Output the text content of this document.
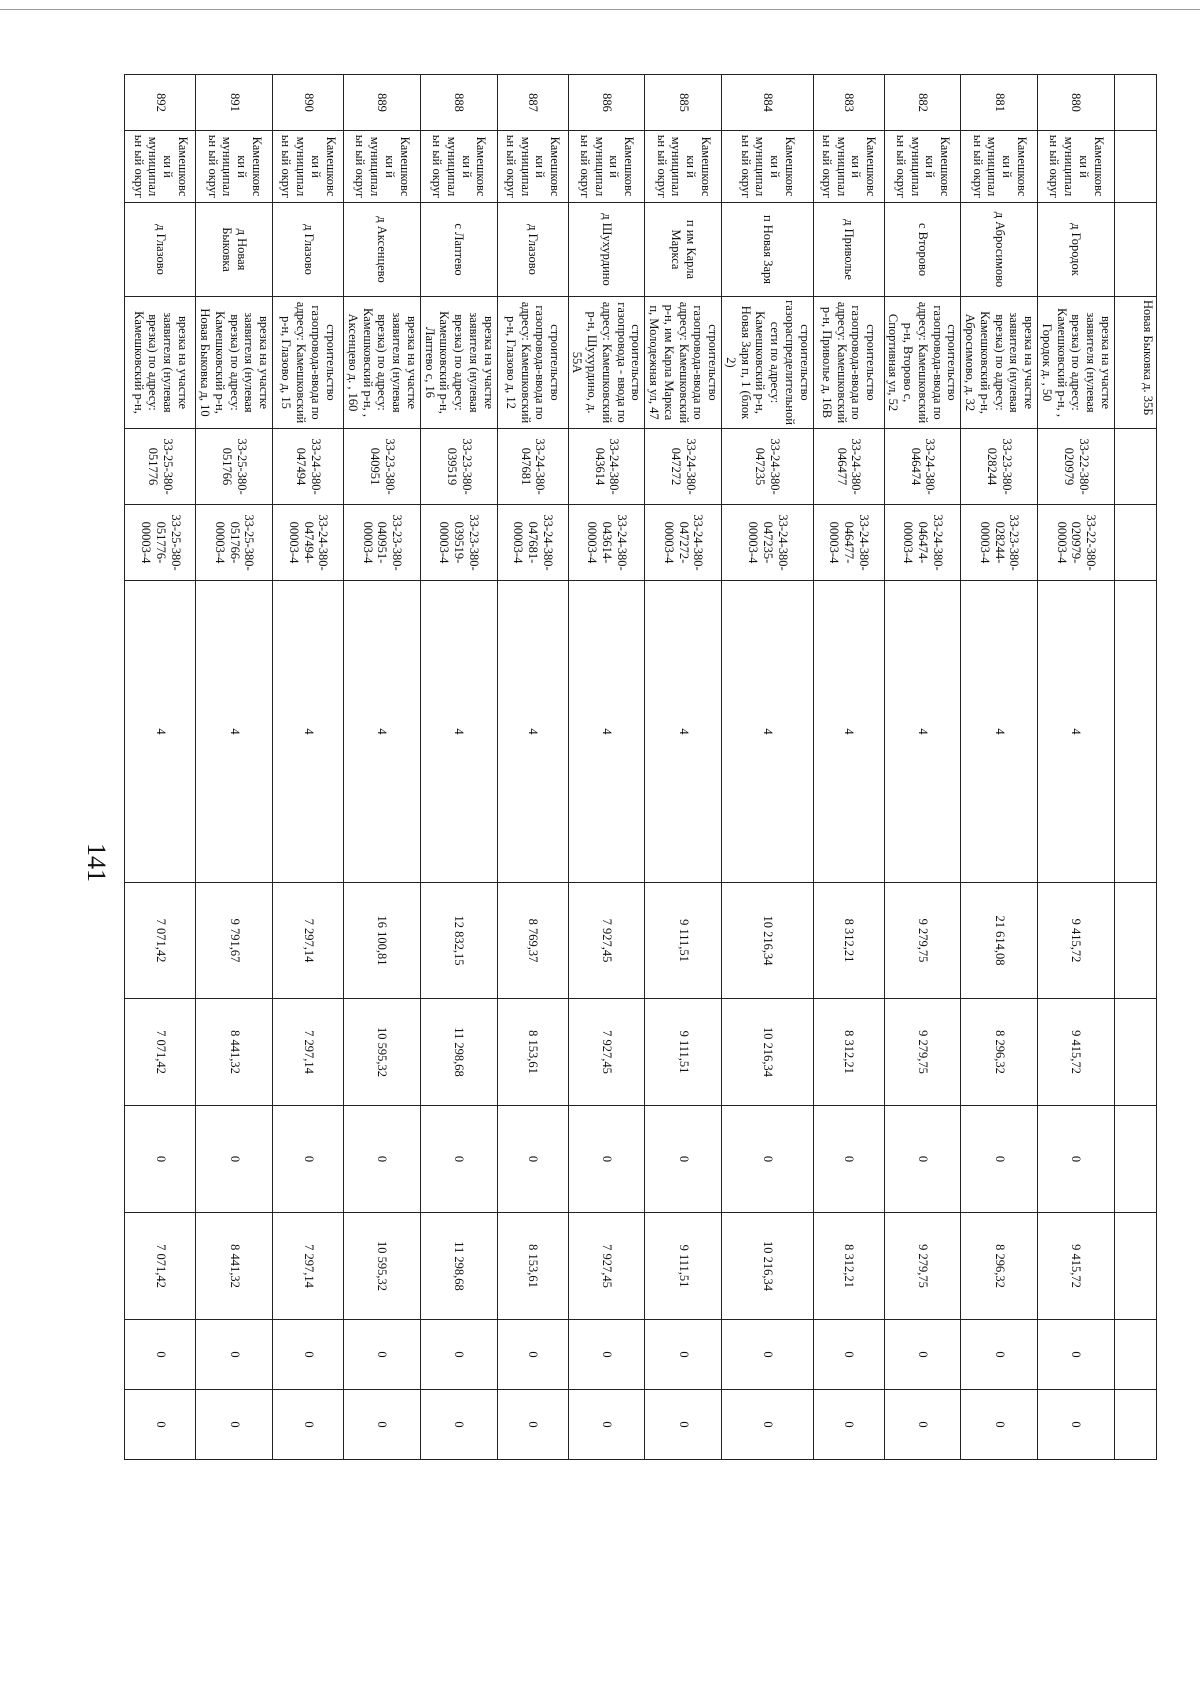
141
			Новая Быковка д. 35Б									
880	Камешковски й муниципальн ый округ	д Городок	врезка на участке заявителя (нулевая врезка) по адресу: Камешковский р-н, , Городок д. , 50	33-22-380-020979	33-22-380-020979-00003-4	4	9 415,72	9 415,72	0	9 415,72	0	0
881	Камешковски й муниципальн ый округ	д Абросимово	врезка на участке заявителя (нулевая врезка) по адресу: Камешковский р-н, Абросимово, д. 32	33-23-380-028244	33-23-380-028244-00003-4	4	21 614,08	8 296,32	0	8 296,32	0	0
882	Камешковски й муниципальн ый округ	с Второво	строительство газопровода-ввода по адресу: Камешковский р-н, Второво с, Спортивная ул, 52	33-24-380-046474	33-24-380-046474-00003-4	4	9 279,75	9 279,75	0	9 279,75	0	0
883	Камешковски й муниципальн ый округ	д Приволье	строительство газопровода-ввода по адресу: Камешковский р-н, Приволье д, 16В	33-24-380-046477	33-24-380-046477-00003-4	4	8 312,21	8 312,21	0	8 312,21	0	0
884	Камешковски й муниципальн ый округ	п Новая Заря	строительство газораспределительной сети по адресу: Камешковский р-н, Новая Заря п, 1 (блок 2)	33-24-380-047235	33-24-380-047235-00003-4	4	10 216,34	10 216,34	0	10 216,34	0	0
885	Камешковски й муниципальн ый округ	п им Карла Маркса	строительство газопровода-ввода по адресу: Камешковский р-н, им Карла Маркса п, Молодежная ул, 47	33-24-380-047272	33-24-380-047272-00003-4	4	9 111,51	9 111,51	0	9 111,51	0	0
886	Камешковски й муниципальн ый округ	д Шухурдино	строительство газопровода - ввода по адресу: Камешковский р-н, Шухурдино, д. 55А	33-24-380-043614	33-24-380-043614-00003-4	4	7 927,45	7 927,45	0	7 927,45	0	0
887	Камешковски й муниципальн ый округ	д Глазово	строительство газопровода-ввода по адресу: Камешковский р-н, Глазово д, 12	33-24-380-047681	33-24-380-047681-00003-4	4	8 769,37	8 153,61	0	8 153,61	0	0
888	Камешковски й муниципальн ый округ	с Лаптево	врезка на участке заявителя (нулевая врезка) по адресу: Камешковский р-н, Лаптево с, 16	33-23-380-039519	33-23-380-039519-00003-4	4	12 832,15	11 298,68	0	11 298,68	0	0
889	Камешковски й муниципальн ый округ	д Аксенцево	врезка на участке заявителя (нулевая врезка) по адресу: Камешковский р-н, , Аксенцево д. , 160	33-23-380-040951	33-23-380-040951-00003-4	4	16 100,81	10 595,32	0	10 595,32	0	0
890	Камешковски й муниципальн ый округ	д Глазово	строительство газопровода-ввода по адресу: Камешковский р-н, Глазово д, 15	33-24-380-047494	33-24-380-047494-00003-4	4	7 297,14	7 297,14	0	7 297,14	0	0
891	Камешковски й муниципальн ый округ	д Новая Быковка	врезка на участке заявителя (нулевая врезка) по адресу: Камешковский р-н, Новая Быковка д, 10	33-25-380-051766	33-25-380-051766-00003-4	4	9 791,67	8 441,32	0	8 441,32	0	0
892	Камешковски й муниципальн ый округ	д Глазово	врезка на участке заявителя (нулевая врезка) по адресу: Камешковский р-н,	33-25-380-051776	33-25-380-051776-00003-4	4	7 071,42	7 071,42	0	7 071,42	0	0
